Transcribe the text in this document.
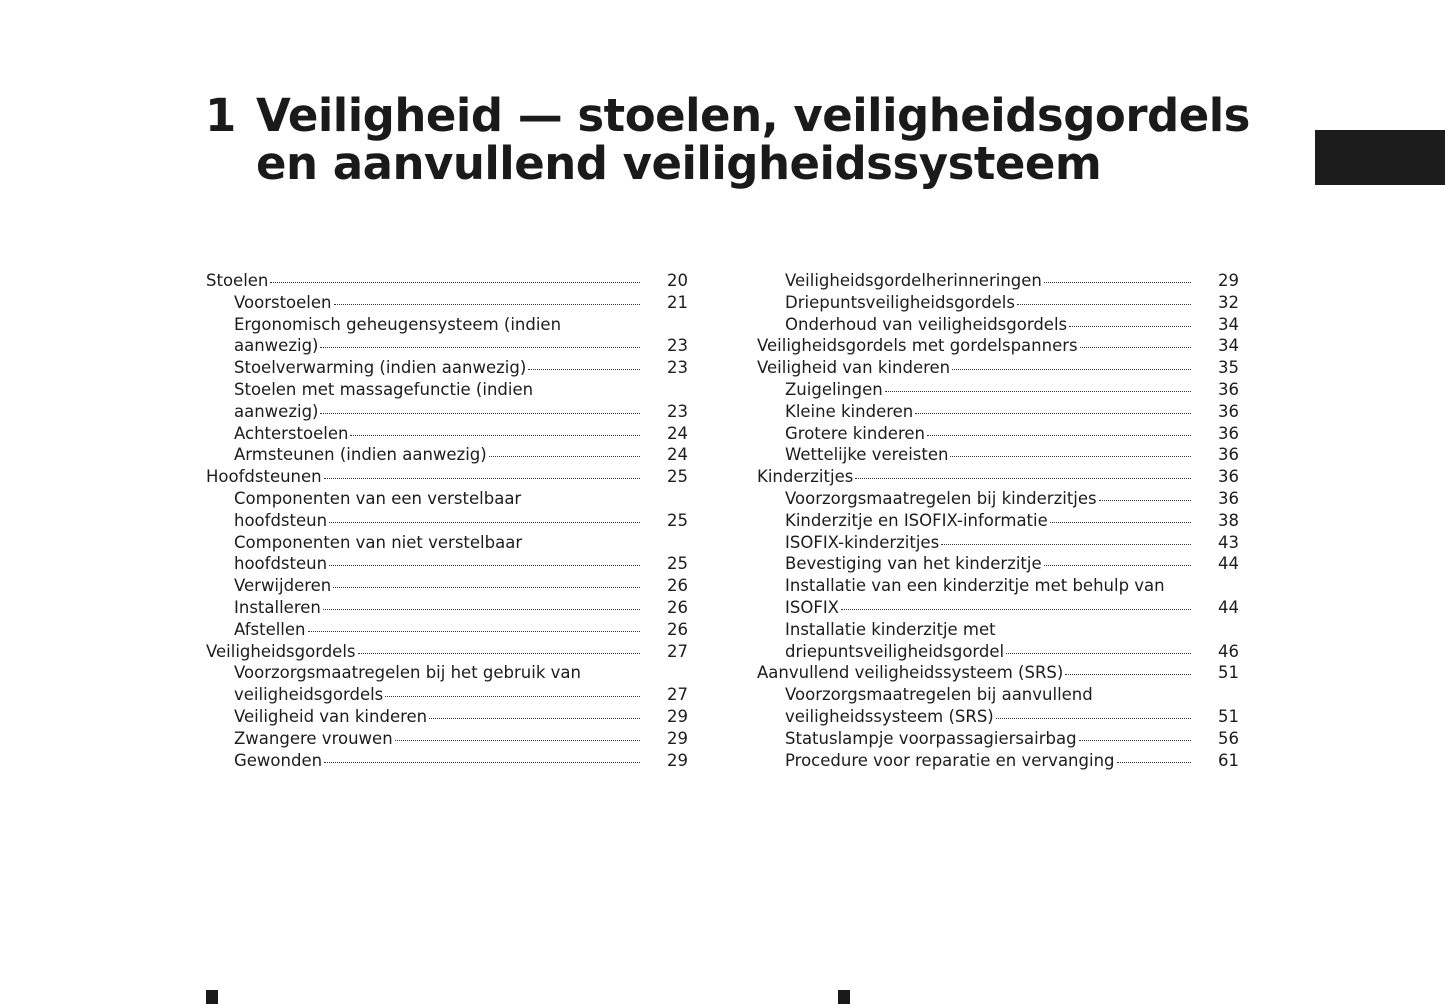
1 Veiligheid — stoelen, veiligheidsgordels
en aanvullend veiligheidssysteem
Stoelen	20
Voorstoelen	21
Ergonomisch geheugensysteem (indien
aanwezig)	23
Stoelverwarming (indien aanwezig)	23
Stoelen met massagefunctie (indien
aanwezig)	23
Achterstoelen	24
Armsteunen (indien aanwezig)	24
Hoofdsteunen	25
Componenten van een verstelbaar
hoofdsteun	25
Componenten van niet verstelbaar
hoofdsteun	25
Verwijderen	26
Installeren	26
Afstellen	26
Veiligheidsgordels	27
Voorzorgsmaatregelen bij het gebruik van
veiligheidsgordels	27
Veiligheid van kinderen	29
Zwangere vrouwen	29
Gewonden	29
Veiligheidsgordelherinneringen	29
Driepuntsveiligheidsgordels	32
Onderhoud van veiligheidsgordels	34
Veiligheidsgordels met gordelspanners	34
Veiligheid van kinderen	35
Zuigelingen	36
Kleine kinderen	36
Grotere kinderen	36
Wettelijke vereisten	36
Kinderzitjes	36
Voorzorgsmaatregelen bij kinderzitjes	36
Kinderzitje en ISOFIX-informatie	38
ISOFIX-kinderzitjes	43
Bevestiging van het kinderzitje	44
Installatie van een kinderzitje met behulp van
ISOFIX	44
Installatie kinderzitje met
driepuntsveiligheidsgordel	46
Aanvullend veiligheidssysteem (SRS)	51
Voorzorgsmaatregelen bij aanvullend
veiligheidssysteem (SRS)	51
Statuslampje voorpassagiersairbag	56
Procedure voor reparatie en vervanging	61
